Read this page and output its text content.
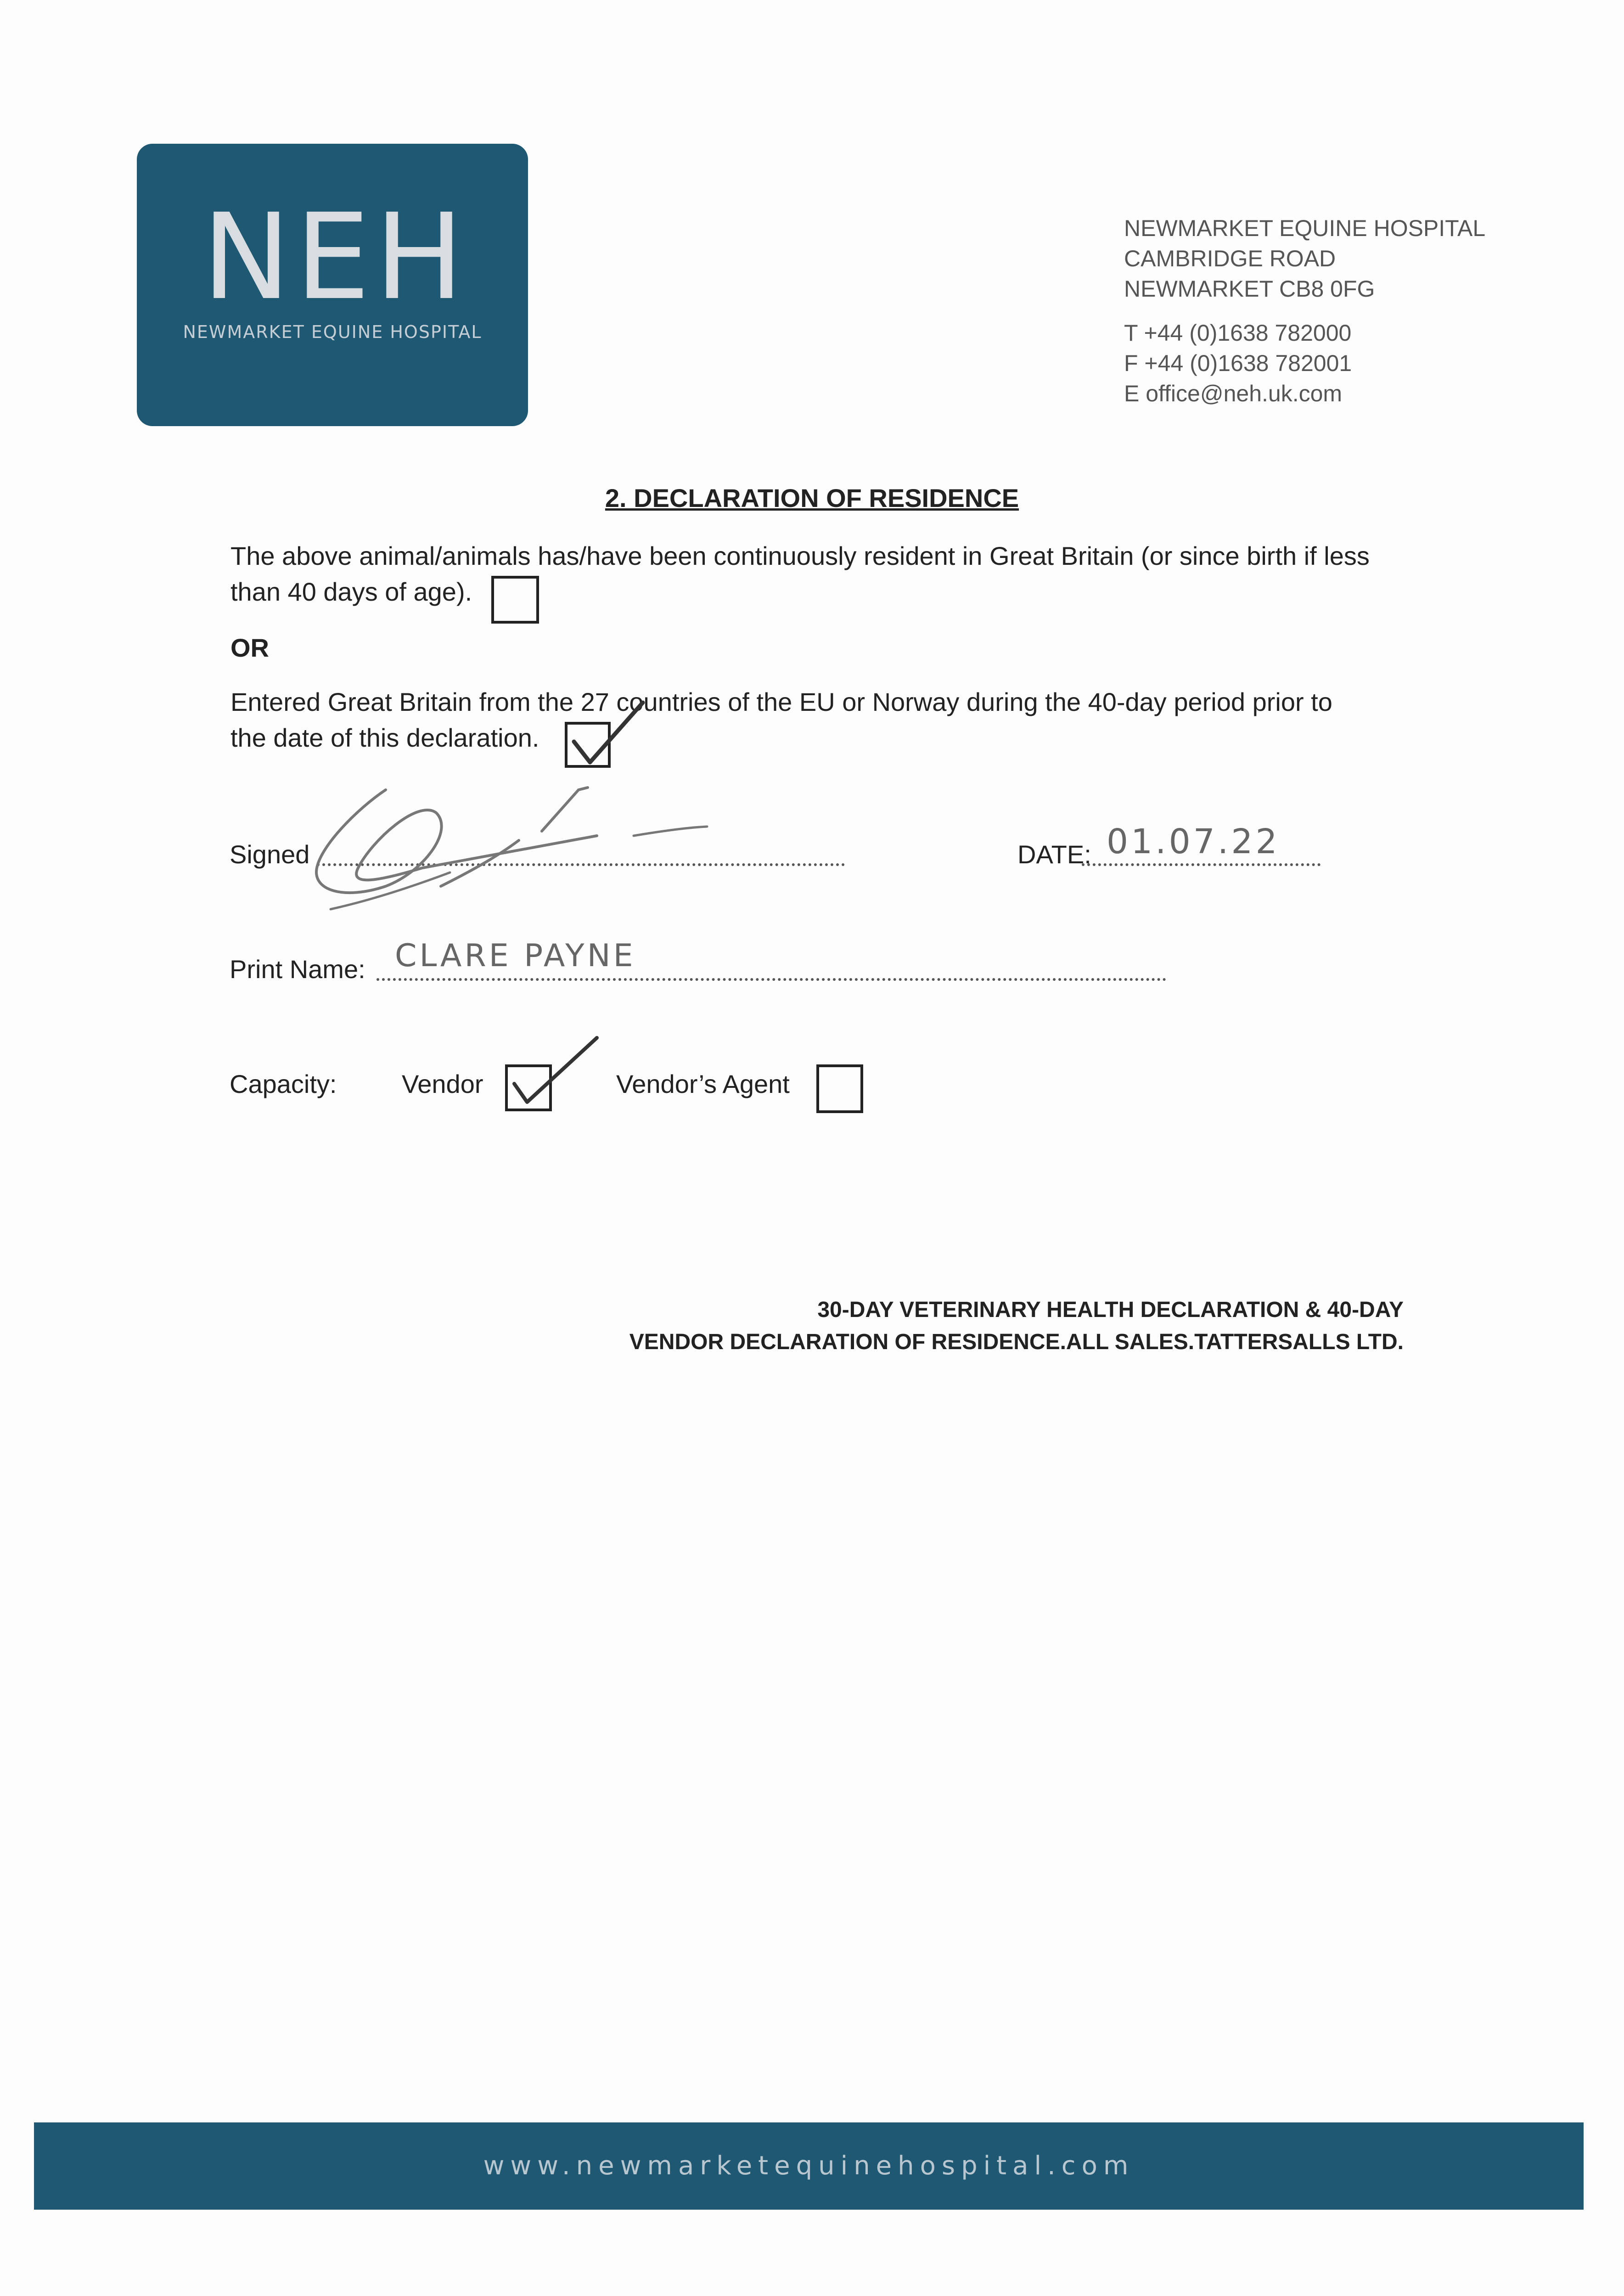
NEH
NEWMARKET EQUINE HOSPITAL
NEWMARKET EQUINE HOSPITAL
CAMBRIDGE ROAD
NEWMARKET CB8 0FG
T +44 (0)1638 782000
F +44 (0)1638 782001
E office@neh.uk.com
2. DECLARATION OF RESIDENCE
The above animal/animals has/have been continuously resident in Great Britain (or since birth if less
than 40 days of age).
OR
Entered Great Britain from the 27 countries of the EU or Norway during the 40-day period prior to
the date of this declaration.
Signed	DATE: 01.07.22
Print Name: CLARE PAYNE
Capacity:	Vendor	Vendor’s Agent
30-DAY VETERINARY HEALTH DECLARATION & 40-DAY
VENDOR DECLARATION OF RESIDENCE.ALL SALES.TATTERSALLS LTD.
www.newmarketequinehospital.com
